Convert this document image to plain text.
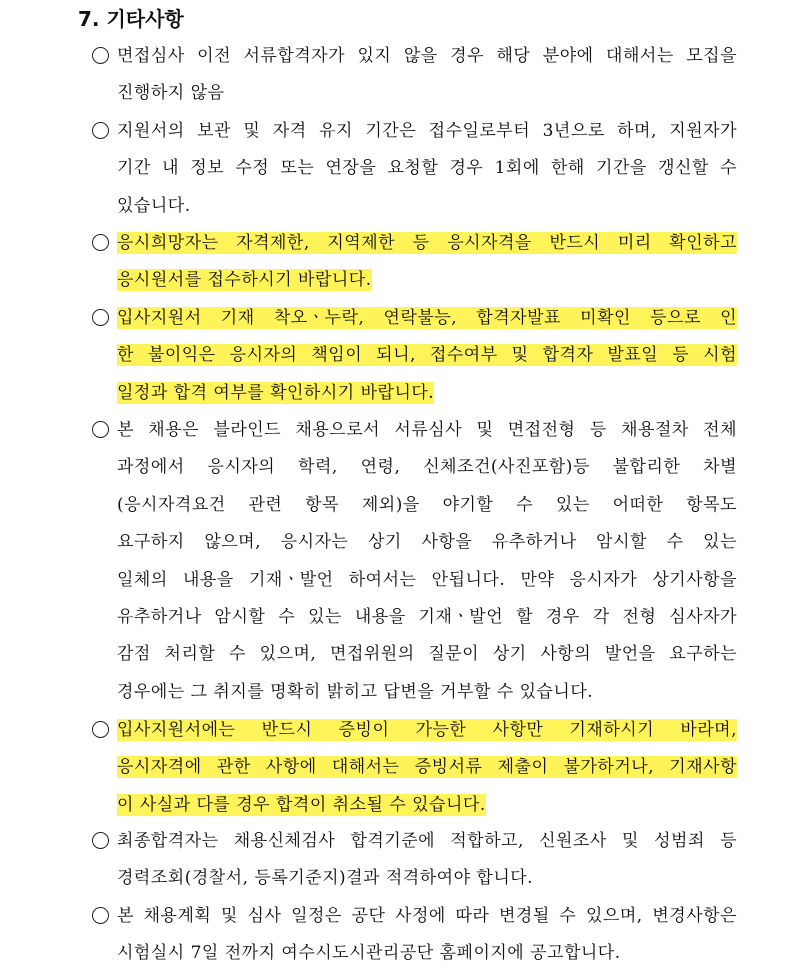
7. 기타사항
면접심사 이전 서류합격자가 있지 않을 경우 해당 분야에 대해서는 모집을
진행하지 않음
지원서의 보관 및 자격 유지 기간은 접수일로부터 3년으로 하며, 지원자가
기간 내 정보 수정 또는 연장을 요청할 경우 1회에 한해 기간을 갱신할 수
있습니다.
응시희망자는 자격제한, 지역제한 등 응시자격을 반드시 미리 확인하고
응시원서를 접수하시기 바랍니다.
입사지원서 기재 착오ㆍ누락, 연락불능, 합격자발표 미확인 등으로 인
한 불이익은 응시자의 책임이 되니, 접수여부 및 합격자 발표일 등 시험
일정과 합격 여부를 확인하시기 바랍니다.
본 채용은 블라인드 채용으로서 서류심사 및 면접전형 등 채용절차 전체
과정에서 응시자의 학력, 연령, 신체조건(사진포함)등 불합리한 차별
(응시자격요건 관련 항목 제외)을 야기할 수 있는 어떠한 항목도
요구하지 않으며, 응시자는 상기 사항을 유추하거나 암시할 수 있는
일체의 내용을 기재ㆍ발언 하여서는 안됩니다. 만약 응시자가 상기사항을
유추하거나 암시할 수 있는 내용을 기재ㆍ발언 할 경우 각 전형 심사자가
감점 처리할 수 있으며, 면접위원의 질문이 상기 사항의 발언을 요구하는
경우에는 그 취지를 명확히 밝히고 답변을 거부할 수 있습니다.
입사지원서에는 반드시 증빙이 가능한 사항만 기재하시기 바라며,
응시자격에 관한 사항에 대해서는 증빙서류 제출이 불가하거나, 기재사항
이 사실과 다를 경우 합격이 취소될 수 있습니다.
최종합격자는 채용신체검사 합격기준에 적합하고, 신원조사 및 성범죄 등
경력조회(경찰서, 등록기준지)결과 적격하여야 합니다.
본 채용계획 및 심사 일정은 공단 사정에 따라 변경될 수 있으며, 변경사항은
시험실시 7일 전까지 여수시도시관리공단 홈페이지에 공고합니다.
